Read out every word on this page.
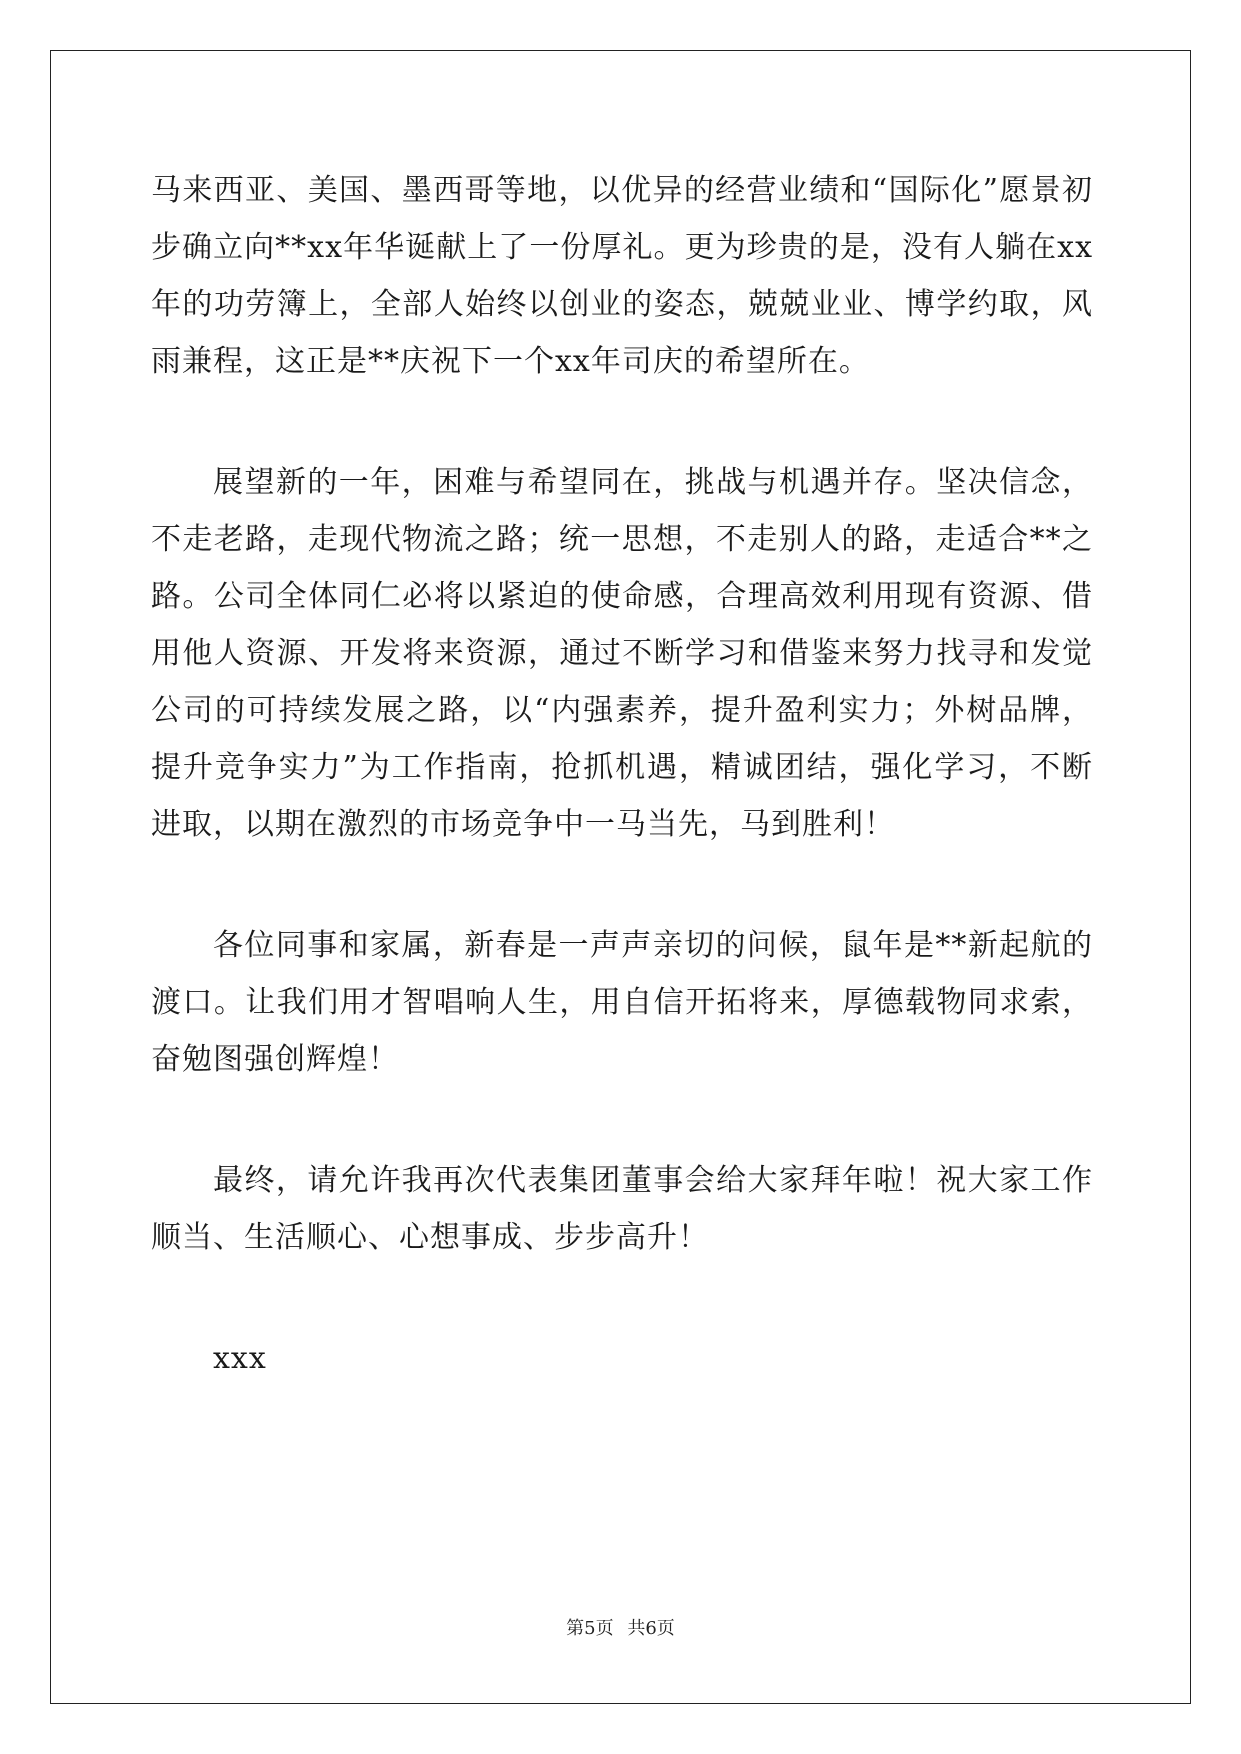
马来西亚、美国、墨西哥等地，以优异的经营业绩和“国际化”愿景初步确立向**xx年华诞献上了一份厚礼。更为珍贵的是，没有人躺在xx年的功劳簿上，全部人始终以创业的姿态，兢兢业业、博学约取，风雨兼程，这正是**庆祝下一个xx年司庆的希望所在。

展望新的一年，困难与希望同在，挑战与机遇并存。坚决信念，不走老路，走现代物流之路；统一思想，不走别人的路，走适合**之路。公司全体同仁必将以紧迫的使命感，合理高效利用现有资源、借用他人资源、开发将来资源，通过不断学习和借鉴来努力找寻和发觉公司的可持续发展之路，以“内强素养，提升盈利实力；外树品牌，提升竞争实力”为工作指南，抢抓机遇，精诚团结，强化学习，不断进取，以期在激烈的市场竞争中一马当先，马到胜利！

各位同事和家属，新春是一声声亲切的问候，鼠年是**新起航的渡口。让我们用才智唱响人生，用自信开拓将来，厚德载物同求索，奋勉图强创辉煌！

最终，请允许我再次代表集团董事会给大家拜年啦！祝大家工作顺当、生活顺心、心想事成、步步高升！

xxx

第5页 共6页
